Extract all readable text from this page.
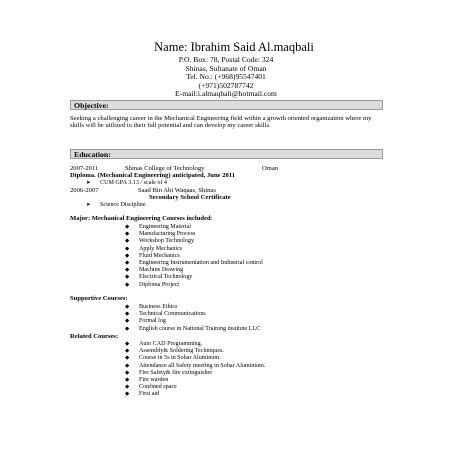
Name: Ibrahim Said Al.maqbali
P.O. Box: 78, Postal Code: 324
Shinas, Sultanate of Oman
Tel. No.: (+968)95547401
(+971)502787742
E-mail:i.almaqbali@hotmail.com
Objective:
Seeking a challenging career in the Mechanical Engineering field within a growth oriented organization where my skills will be utilized to their full potential and can develop my career skills.
Education:
2007-2011	Shinas College of Technology	Oman
Diploma. (Mechanical Engineering) anticipated, June 2011
➤ CUM GPA 3.13 / scale of 4
2006-2007	Saad Bin Abi Waqaas, Shinas
Secondary School Certificate
➤ Science Discipline
Major: Mechanical Engineering Courses included:
◆ Engineering Material
◆ Manufacturing Process
◆ Workshop Technology
◆ Apply Mechanics
◆ Fluid Mechanics
◆ Engineering Instrumentation and Industrial control
◆ Machine Drawing
◆ Electrical Technology
◆ Diploma Project
Supportive Courses:
◆ Business Ethics
◆ Technical Communications
◆ Formal log
◆ English course in National Training institute LLC
Related Courses:
◆ Auto CAD Programming.
◆ Assembly& Soldering Techniques.
◆ Course in 5s in Sohar Aluminum.
◆ Attendance all Safety meeting in Sohar Aluminium.
◆ Fire Safety& fire extinguisher
◆ Fire warden
◆ Confined space
◆ First aid
